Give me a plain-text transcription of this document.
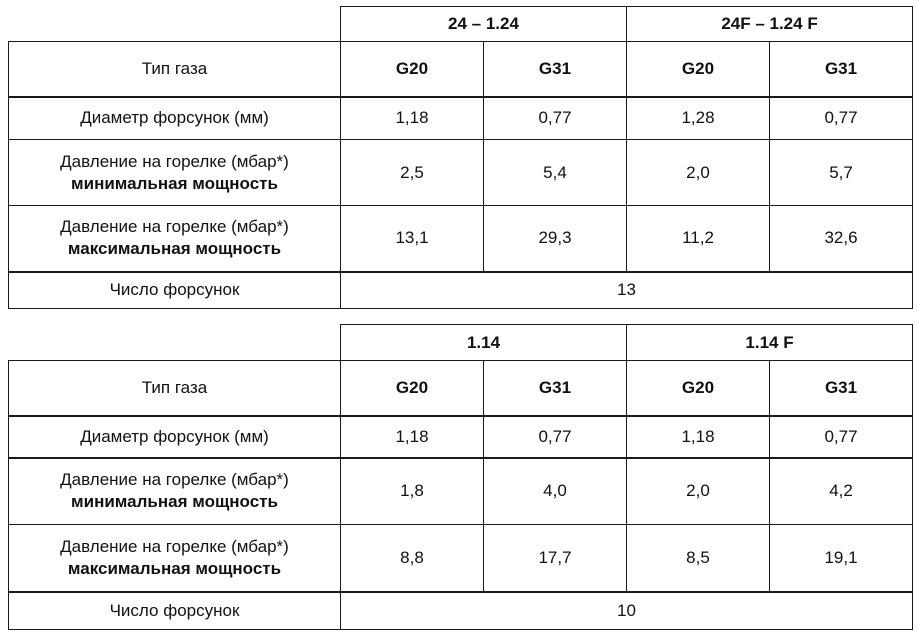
	24 – 1.24		24F – 1.24 F	
Тип газа	G20	G31	G20	G31

Диаметр форсунок (мм)	1,18	0,77	1,28	0,77

Давление на горелке (мбар*)
минимальная мощность	2,5	5,4	2,0	5,7

Давление на горелке (мбар*)
максимальная мощность	13,1	29,3	11,2	32,6
Число форсунок	13			
	1.14		1.14 F	
Тип газа	G20	G31	G20	G31

Диаметр форсунок (мм)	1,18	0,77	1,18	0,77

Давление на горелке (мбар*)
минимальная мощность	1,8	4,0	2,0	4,2

Давление на горелке (мбар*)
максимальная мощность	8,8	17,7	8,5	19,1
Число форсунок	10			
